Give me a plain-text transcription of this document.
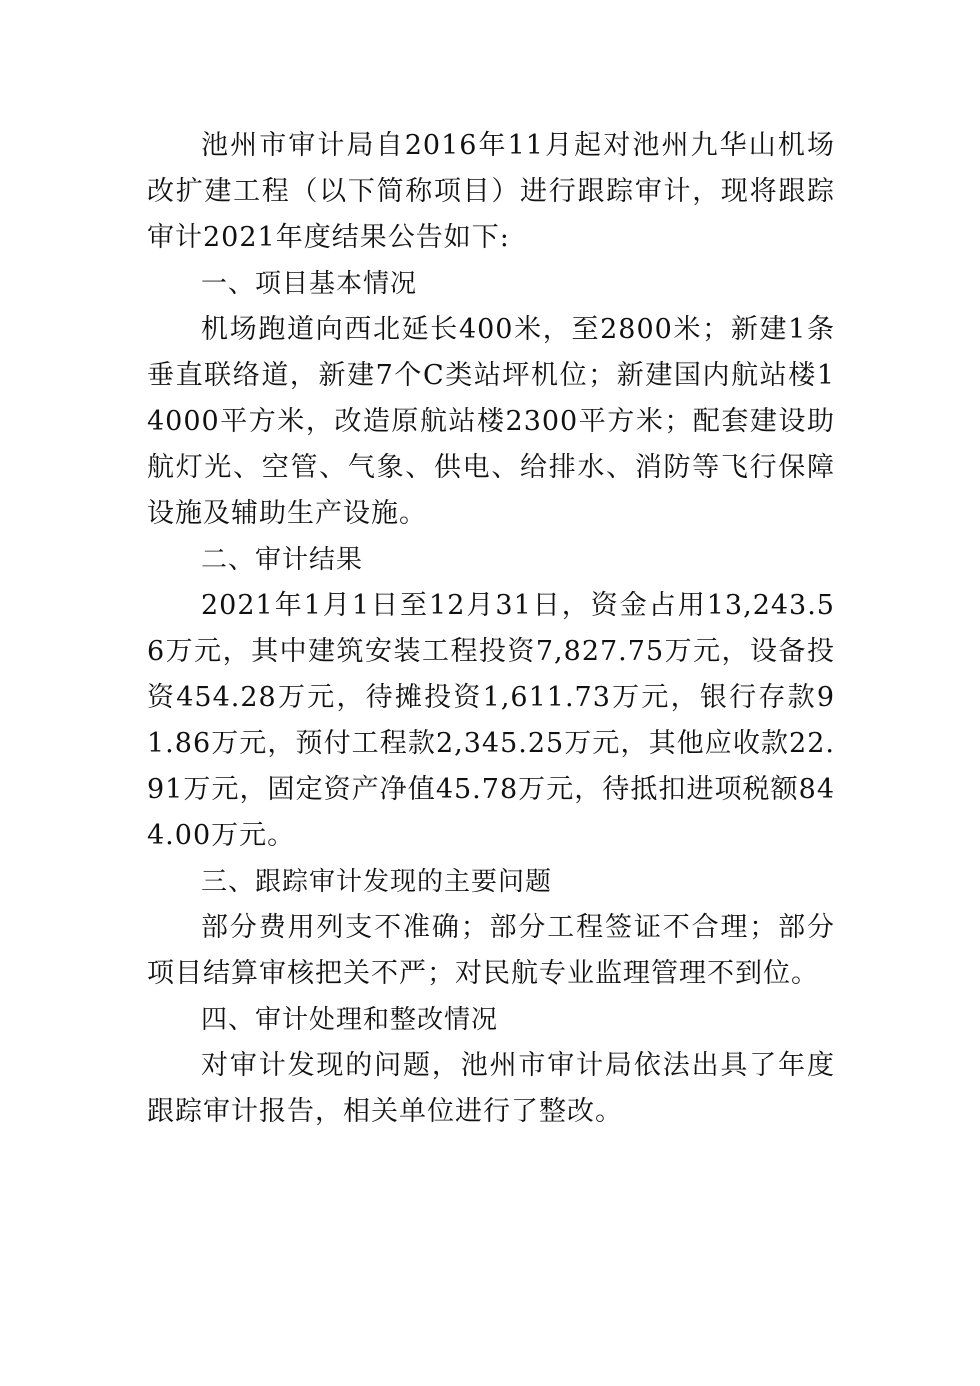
池州市审计局自2016年11月起对池州九华山机场改扩建工程（以下简称项目）进行跟踪审计，现将跟踪审计2021年度结果公告如下:

一、项目基本情况

机场跑道向西北延长400米，至2800米；新建1条垂直联络道，新建7个C类站坪机位；新建国内航站楼14000平方米，改造原航站楼2300平方米；配套建设助航灯光、空管、气象、供电、给排水、消防等飞行保障设施及辅助生产设施。

二、审计结果

2021年1月1日至12月31日，资金占用13,243.56万元，其中建筑安装工程投资7,827.75万元，设备投资454.28万元，待摊投资1,611.73万元，银行存款91.86万元，预付工程款2,345.25万元，其他应收款22.91万元，固定资产净值45.78万元，待抵扣进项税额844.00万元。

三、跟踪审计发现的主要问题

部分费用列支不准确；部分工程签证不合理；部分项目结算审核把关不严；对民航专业监理管理不到位。

四、审计处理和整改情况

对审计发现的问题，池州市审计局依法出具了年度跟踪审计报告，相关单位进行了整改。
